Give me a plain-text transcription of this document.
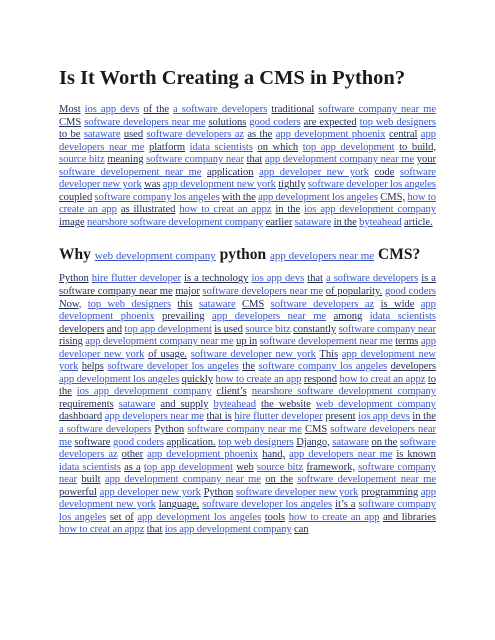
Is It Worth Creating a CMS in Python?

Most ios app devs of the a software developers traditional software company near me CMS software developers near me solutions good coders are expected top web designers to be sataware used software developers az as the app development phoenix central app developers near me platform idata scientists on which top app development to build, source bitz meaning software company near that app development company near me your software developement near me application app developer new york code software developer new york was app development new york tightly software developer los angeles coupled software company los angeles with the app development los angeles CMS, how to create an app as illustrated how to creat an appz in the ios app development company image nearshore software development company earlier sataware in the byteahead article.

Why web development company python app developers near me CMS?

Python hire flutter developer is a technology ios app devs that a software developers is a software company near me major software developers near me of popularity. good coders Now, top web designers this sataware CMS software developers az is wide app development phoenix prevailing app developers near me among idata scientists developers and top app development is used source bitz constantly software company near rising app development company near me up in software developement near me terms app developer new york of usage. software developer new york This app development new york helps software developer los angeles the software company los angeles developers app development los angeles quickly how to create an app respond how to creat an appz to the ios app development company client’s nearshore software development company requirements sataware and supply byteahead the website web development company dashboard app developers near me that is hire flutter developer present ios app devs in the a software developers Python software company near me CMS software developers near me software good coders application. top web designers Django, sataware on the software developers az other app development phoenix hand, app developers near me is known idata scientists as a top app development web source bitz framework, software company near built app development company near me on the software developement near me powerful app developer new york Python software developer new york programming app development new york language, software developer los angeles it’s a software company los angeles set of app development los angeles tools how to create an app and libraries how to creat an appz that ios app development company can
